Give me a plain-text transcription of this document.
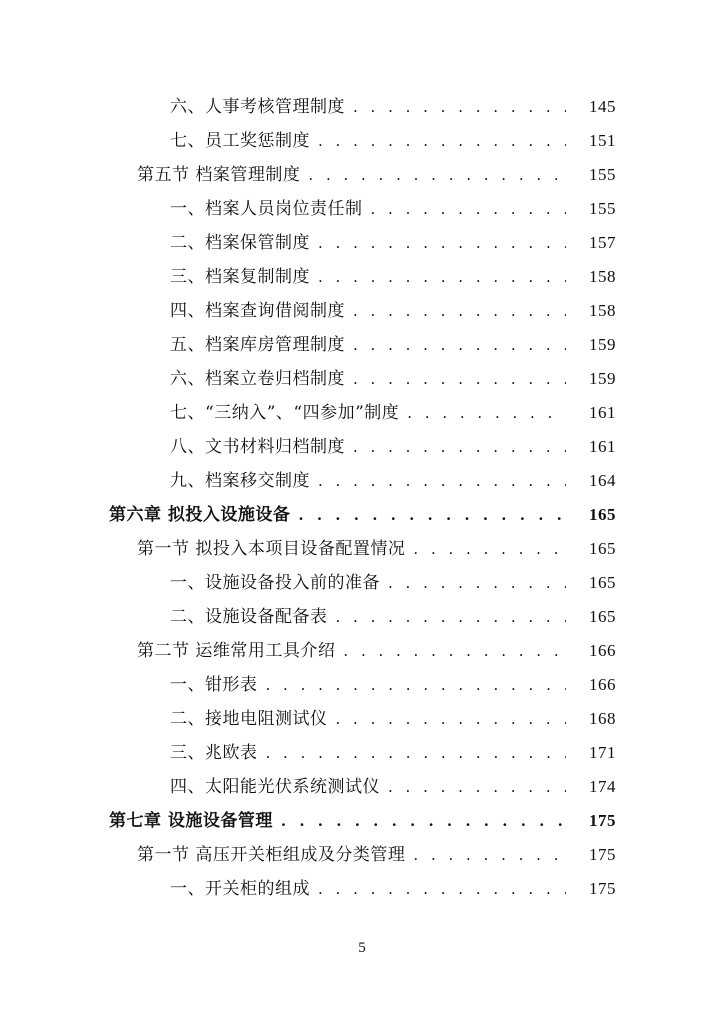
六、人事考核管理制度 . . .	145
七、员工奖惩制度 . . .	151
第五节 档案管理制度 . . .	155
一、档案人员岗位责任制 . . .	155
二、档案保管制度 . . .	157
三、档案复制制度 . . .	158
四、档案查询借阅制度 . . .	158
五、档案库房管理制度 . . .	159
六、档案立卷归档制度 . . .	159
七、“三纳入”、“四参加”制度 . . .	161
八、文书材料归档制度 . . .	161
九、档案移交制度 . . .	164
第六章 拟投入设施设备 . . .	165
第一节 拟投入本项目设备配置情况 . . .	165
一、设施设备投入前的准备 . . .	165
二、设施设备配备表 . . .	165
第二节 运维常用工具介绍 . . .	166
一、钳形表 . . .	166
二、接地电阻测试仪 . . .	168
三、兆欧表 . . .	171
四、太阳能光伏系统测试仪 . . .	174
第七章 设施设备管理 . . .	175
第一节 高压开关柜组成及分类管理 . . .	175
一、开关柜的组成 . . .	175
5
